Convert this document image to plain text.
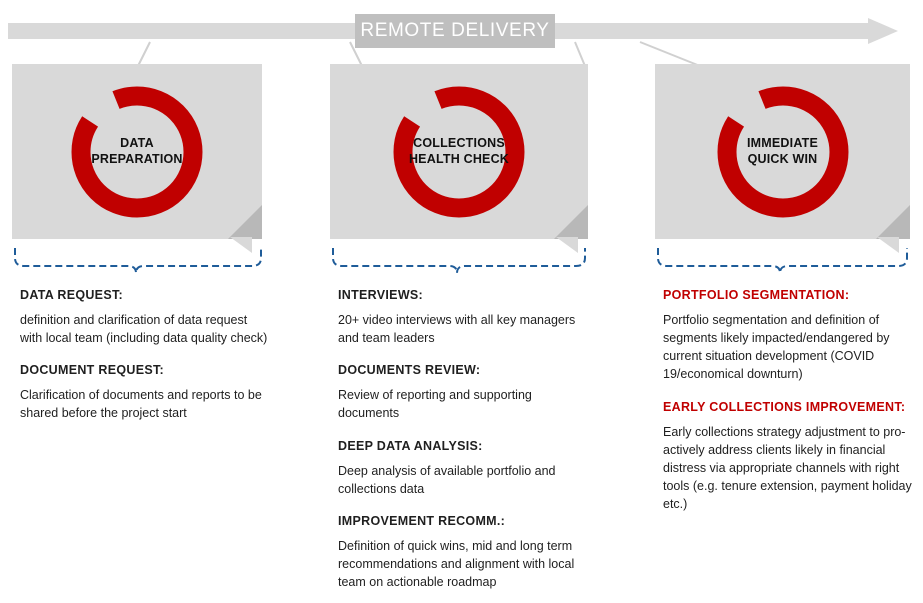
REMOTE DELIVERY
DATA
PREPARATION
COLLECTIONS
HEALTH CHECK
IMMEDIATE
QUICK WIN

DATA REQUEST:

definition and clarification of data request with local team (including data quality check)

DOCUMENT REQUEST:

Clarification of documents and reports to be shared before the project start

INTERVIEWS:

20+ video interviews with all key managers and team leaders

DOCUMENTS REVIEW:

Review of reporting and supporting documents

DEEP DATA ANALYSIS:

Deep analysis of available portfolio and collections data

IMPROVEMENT RECOMM.:

Definition of quick wins, mid and long term recommendations and alignment with local team on actionable roadmap

PORTFOLIO SEGMENTATION:

Portfolio segmentation and definition of segments likely impacted/endangered by current situation development (COVID 19/economical downturn)

EARLY COLLECTIONS IMPROVEMENT:

Early collections strategy adjustment to pro-actively address clients likely in financial distress via appropriate channels with right tools (e.g. tenure extension, payment holiday etc.)
